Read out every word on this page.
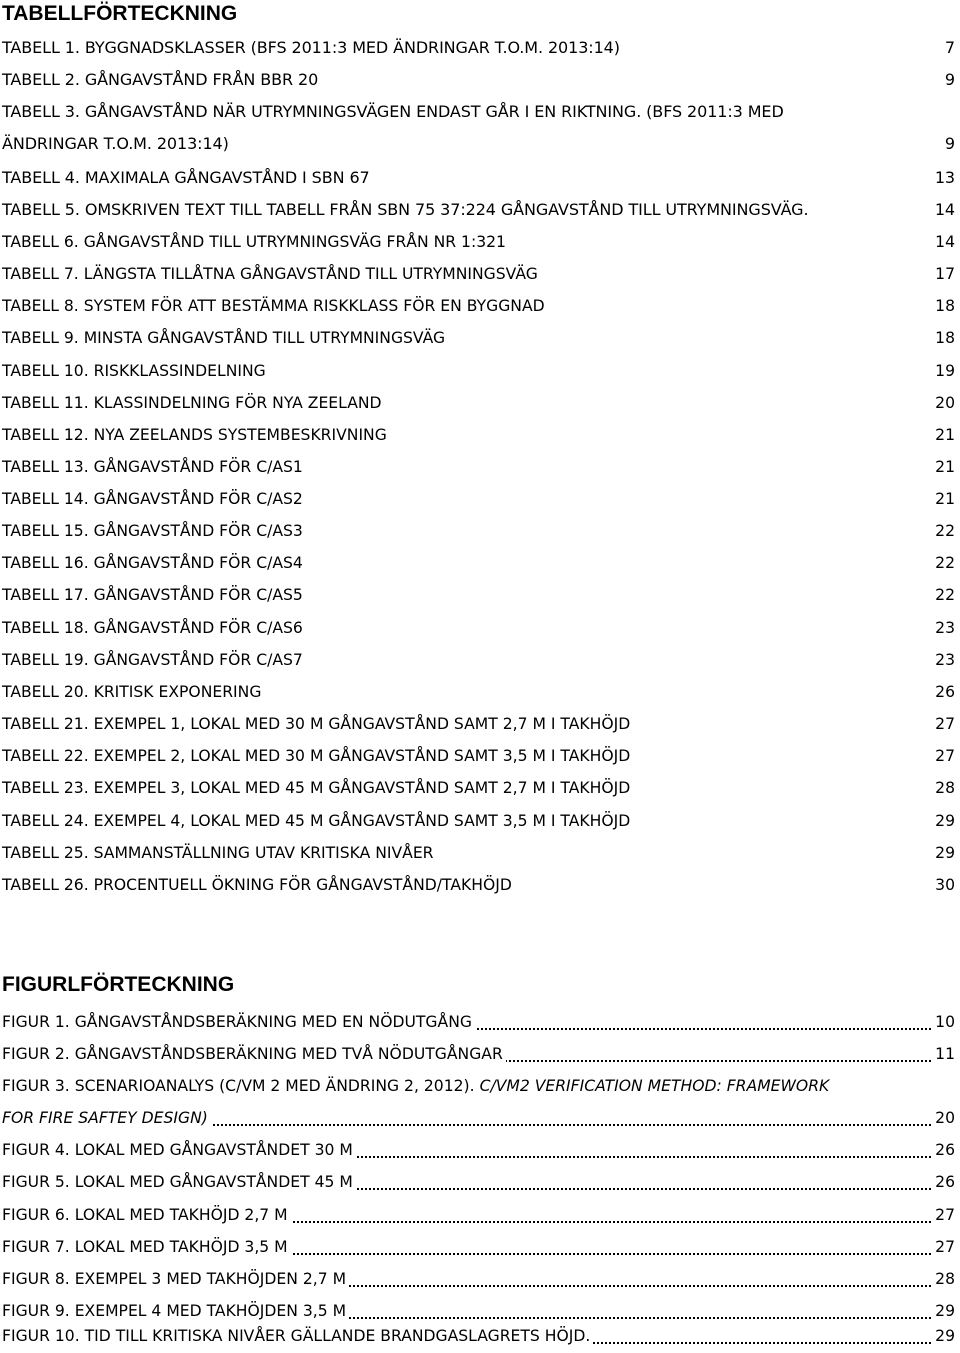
TABELLFÖRTECKNING
TABELL 1. BYGGNADSKLASSER (BFS 2011:3 MED ÄNDRINGAR T.O.M. 2013:14)	7
TABELL 2. GÅNGAVSTÅND FRÅN BBR 20	9
TABELL 3. GÅNGAVSTÅND NÄR UTRYMNINGSVÄGEN ENDAST GÅR I EN RIKTNING. (BFS 2011:3 MED
ÄNDRINGAR T.O.M. 2013:14)	9
TABELL 4. MAXIMALA GÅNGAVSTÅND I SBN 67	13
TABELL 5. OMSKRIVEN TEXT TILL TABELL FRÅN SBN 75 37:224 GÅNGAVSTÅND TILL UTRYMNINGSVÄG.	14
TABELL 6. GÅNGAVSTÅND TILL UTRYMNINGSVÄG FRÅN NR 1:321	14
TABELL 7. LÄNGSTA TILLÅTNA GÅNGAVSTÅND TILL UTRYMNINGSVÄG	17
TABELL 8. SYSTEM FÖR ATT BESTÄMMA RISKKLASS FÖR EN BYGGNAD	18
TABELL 9. MINSTA GÅNGAVSTÅND TILL UTRYMNINGSVÄG	18
TABELL 10. RISKKLASSINDELNING	19
TABELL 11. KLASSINDELNING FÖR NYA ZEELAND	20
TABELL 12. NYA ZEELANDS SYSTEMBESKRIVNING	21
TABELL 13. GÅNGAVSTÅND FÖR C/AS1	21
TABELL 14. GÅNGAVSTÅND FÖR C/AS2	21
TABELL 15. GÅNGAVSTÅND FÖR C/AS3	22
TABELL 16. GÅNGAVSTÅND FÖR C/AS4	22
TABELL 17. GÅNGAVSTÅND FÖR C/AS5	22
TABELL 18. GÅNGAVSTÅND FÖR C/AS6	23
TABELL 19. GÅNGAVSTÅND FÖR C/AS7	23
TABELL 20. KRITISK EXPONERING	26
TABELL 21. EXEMPEL 1, LOKAL MED 30 M GÅNGAVSTÅND SAMT 2,7 M I TAKHÖJD	27
TABELL 22. EXEMPEL 2, LOKAL MED 30 M GÅNGAVSTÅND SAMT 3,5 M I TAKHÖJD	27
TABELL 23. EXEMPEL 3, LOKAL MED 45 M GÅNGAVSTÅND SAMT 2,7 M I TAKHÖJD	28
TABELL 24. EXEMPEL 4, LOKAL MED 45 M GÅNGAVSTÅND SAMT 3,5 M I TAKHÖJD	29
TABELL 25. SAMMANSTÄLLNING UTAV KRITISKA NIVÅER	29
TABELL 26. PROCENTUELL ÖKNING FÖR GÅNGAVSTÅND/TAKHÖJD	30
FIGURLFÖRTECKNING
FIGUR 1. GÅNGAVSTÅNDSBERÄKNING MED EN NÖDUTGÅNG	10
FIGUR 2. GÅNGAVSTÅNDSBERÄKNING MED TVÅ NÖDUTGÅNGAR	11
FIGUR 3. SCENARIOANALYS (C/VM 2 MED ÄNDRING 2, 2012). C/VM2 VERIFICATION METHOD: FRAMEWORK
FOR FIRE SAFTEY DESIGN)	20
FIGUR 4. LOKAL MED GÅNGAVSTÅNDET 30 M	26
FIGUR 5. LOKAL MED GÅNGAVSTÅNDET 45 M	26
FIGUR 6. LOKAL MED TAKHÖJD 2,7 M	27
FIGUR 7. LOKAL MED TAKHÖJD 3,5 M	27
FIGUR 8. EXEMPEL 3 MED TAKHÖJDEN 2,7 M	28
FIGUR 9. EXEMPEL 4 MED TAKHÖJDEN 3,5 M	29
FIGUR 10. TID TILL KRITISKA NIVÅER GÄLLANDE BRANDGASLAGRETS HÖJD.	29
